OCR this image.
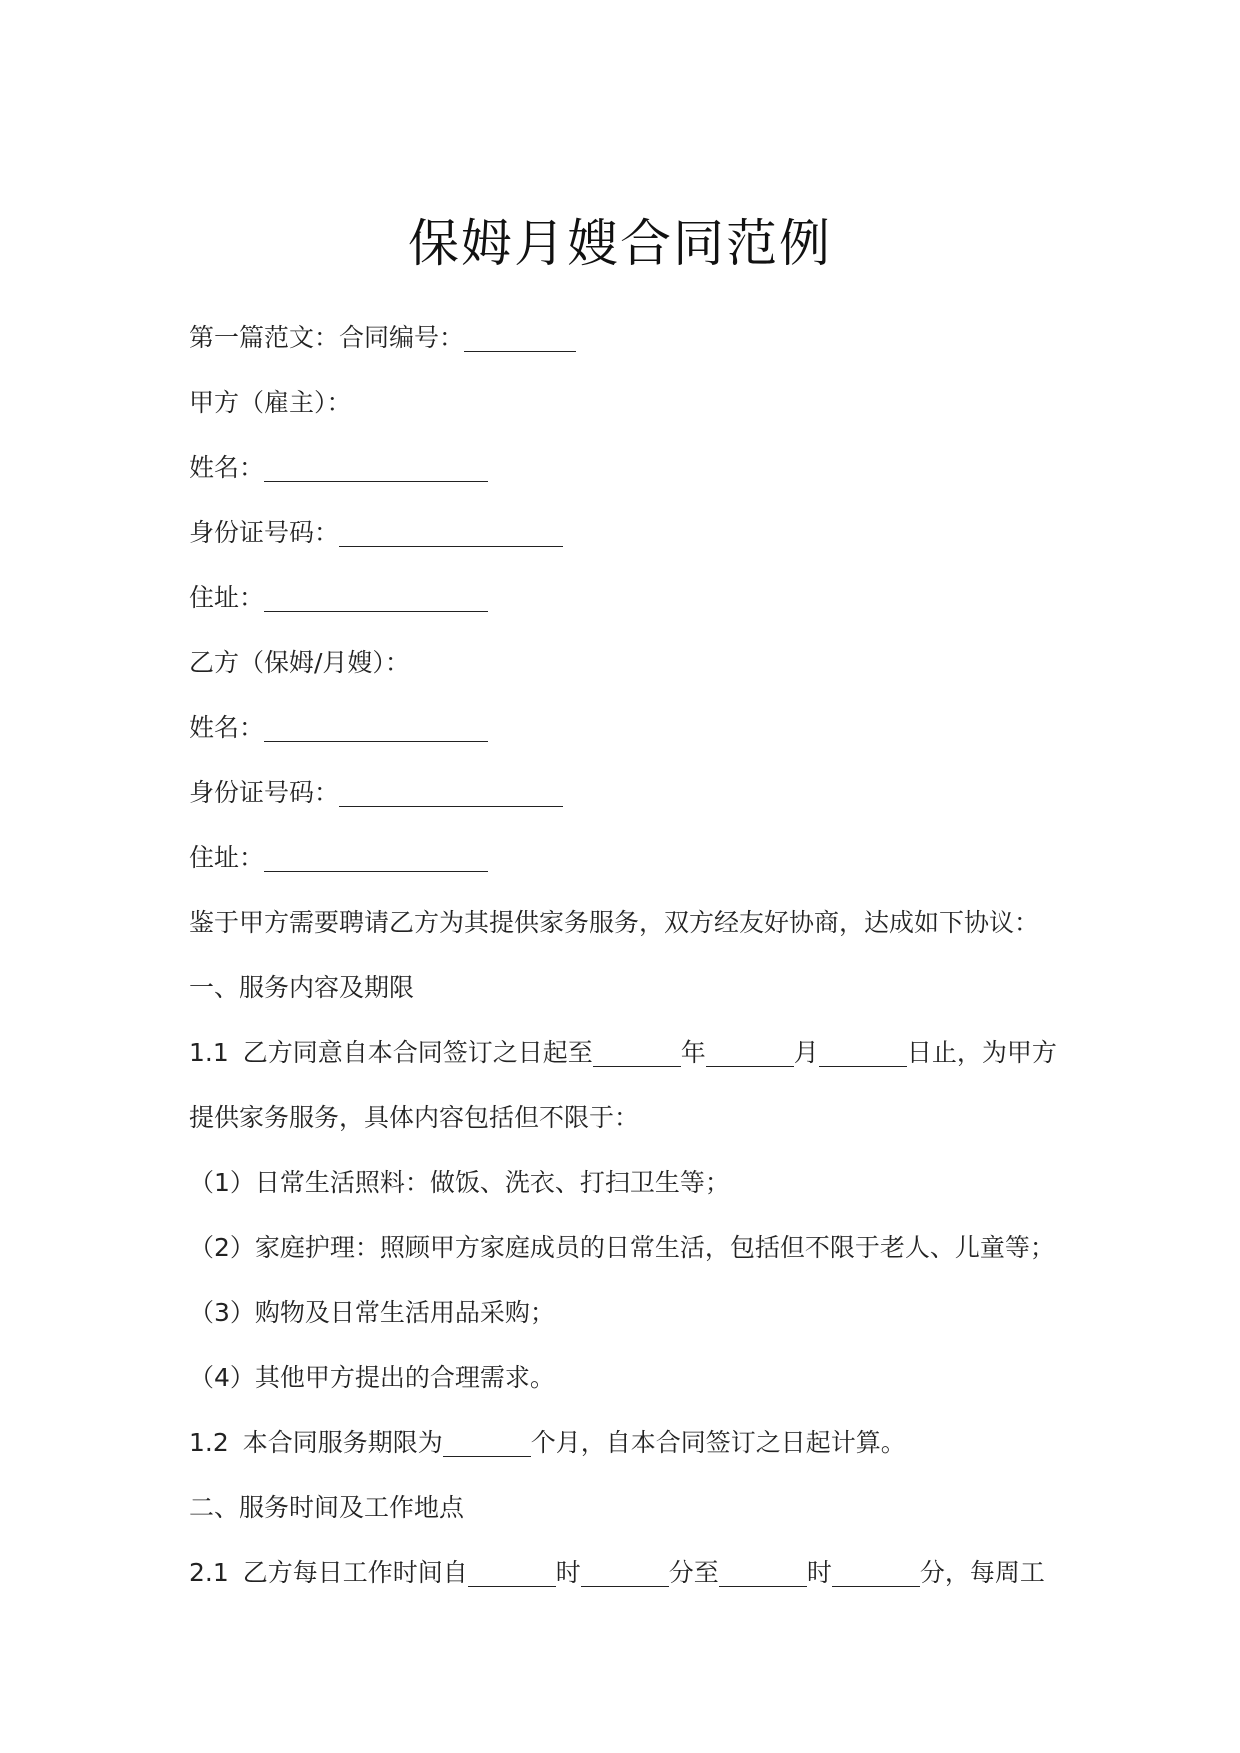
保姆月嫂合同范例
第一篇范文：合同编号：
甲方（雇主）：
姓名：
身份证号码：
住址：
乙方（保姆/月嫂）：
姓名：
身份证号码：
住址：
鉴于甲方需要聘请乙方为其提供家务服务，双方经友好协商，达成如下协议：
一、服务内容及期限
1.1 乙方同意自本合同签订之日起至	年	月	日止，为甲方
提供家务服务，具体内容包括但不限于：
（1）日常生活照料：做饭、洗衣、打扫卫生等；
（2）家庭护理：照顾甲方家庭成员的日常生活，包括但不限于老人、儿童等；
（3）购物及日常生活用品采购；
（4）其他甲方提出的合理需求。
1.2 本合同服务期限为	个月，自本合同签订之日起计算。
二、服务时间及工作地点
2.1 乙方每日工作时间自	时	分至	时	分，每周工
